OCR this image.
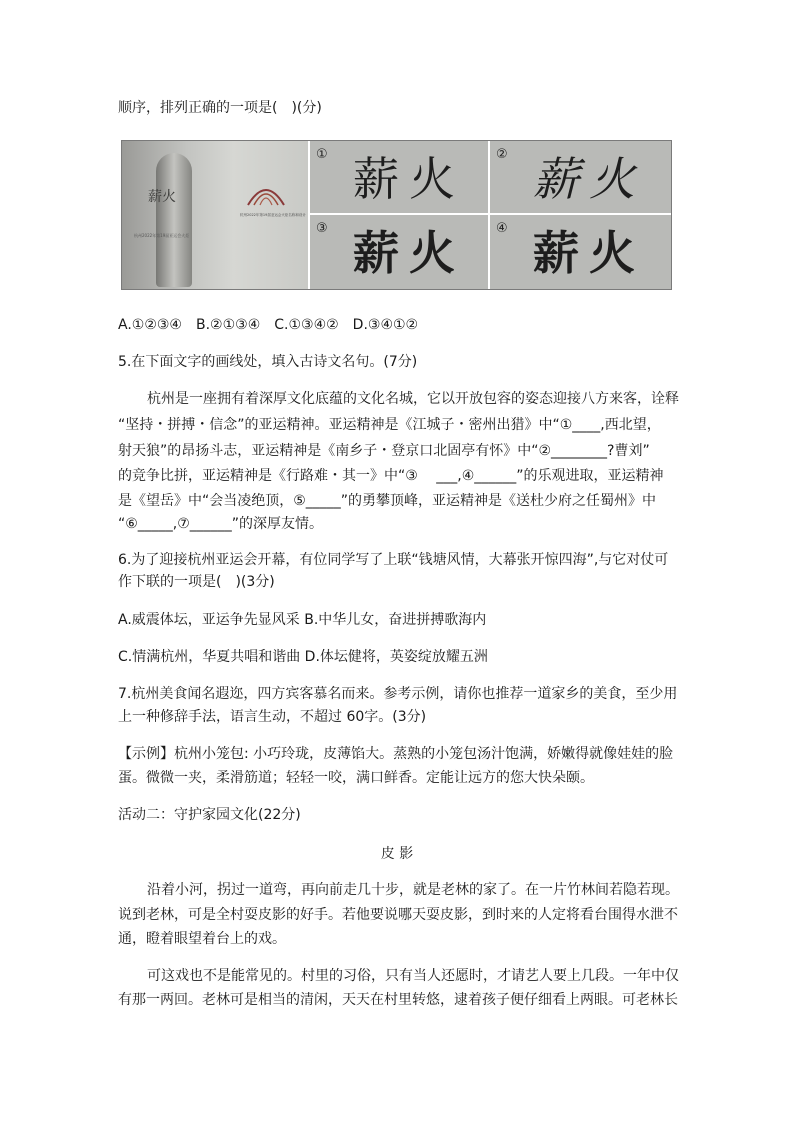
顺序，排列正确的一项是(　)(分)
薪火
杭州2022年第19届亚运会火炬
杭州2022年第19届亚运会火炬名称和设计
① 薪火	② 薪火
③ 薪火	④ 薪火
A.①②③④　B.②①③④　C.①③④②　D.③④①②
5.在下面文字的画线处，填入古诗文名句。(7分)
杭州是一座拥有着深厚文化底蕴的文化名城，它以开放包容的姿态迎接八方来客，诠释
“坚持・拼搏・信念”的亚运精神。亚运精神是《江城子・密州出猎》中“①____,西北望，
射天狼”的昂扬斗志，亚运精神是《南乡子・登京口北固亭有怀》中“②________?曹刘”
的竞争比拼，亚运精神是《行路难・其一》中“③　 ___,④______”的乐观进取，亚运精神
是《望岳》中“会当凌绝顶，⑤_____”的勇攀顶峰，亚运精神是《送杜少府之任蜀州》中
“⑥_____,⑦______”的深厚友情。
6.为了迎接杭州亚运会开幕，有位同学写了上联“钱塘风情，大幕张开惊四海”,与它对仗可
作下联的一项是(　)(3分)
A.威震体坛，亚运争先显风采 B.中华儿女，奋进拼搏歌海内
C.情满杭州，华夏共唱和谐曲 D.体坛健将，英姿绽放耀五洲
7.杭州美食闻名遐迩，四方宾客慕名而来。参考示例，请你也推荐一道家乡的美食，至少用
上一种修辞手法，语言生动，不超过 60字。(3分)
【示例】杭州小笼包: 小巧玲珑，皮薄馅大。蒸熟的小笼包汤汁饱满，娇嫩得就像娃娃的脸
蛋。微微一夹，柔滑筋道；轻轻一咬，满口鲜香。定能让远方的您大快朵颐。
活动二：守护家园文化(22分)
皮 影
沿着小河，拐过一道弯，再向前走几十步，就是老林的家了。在一片竹林间若隐若现。
说到老林，可是全村耍皮影的好手。若他要说哪天耍皮影，到时来的人定将看台围得水泄不
通，瞪着眼望着台上的戏。
可这戏也不是能常见的。村里的习俗，只有当人还愿时，才请艺人要上几段。一年中仅
有那一两回。老林可是相当的清闲，天天在村里转悠，逮着孩子便仔细看上两眼。可老林长
